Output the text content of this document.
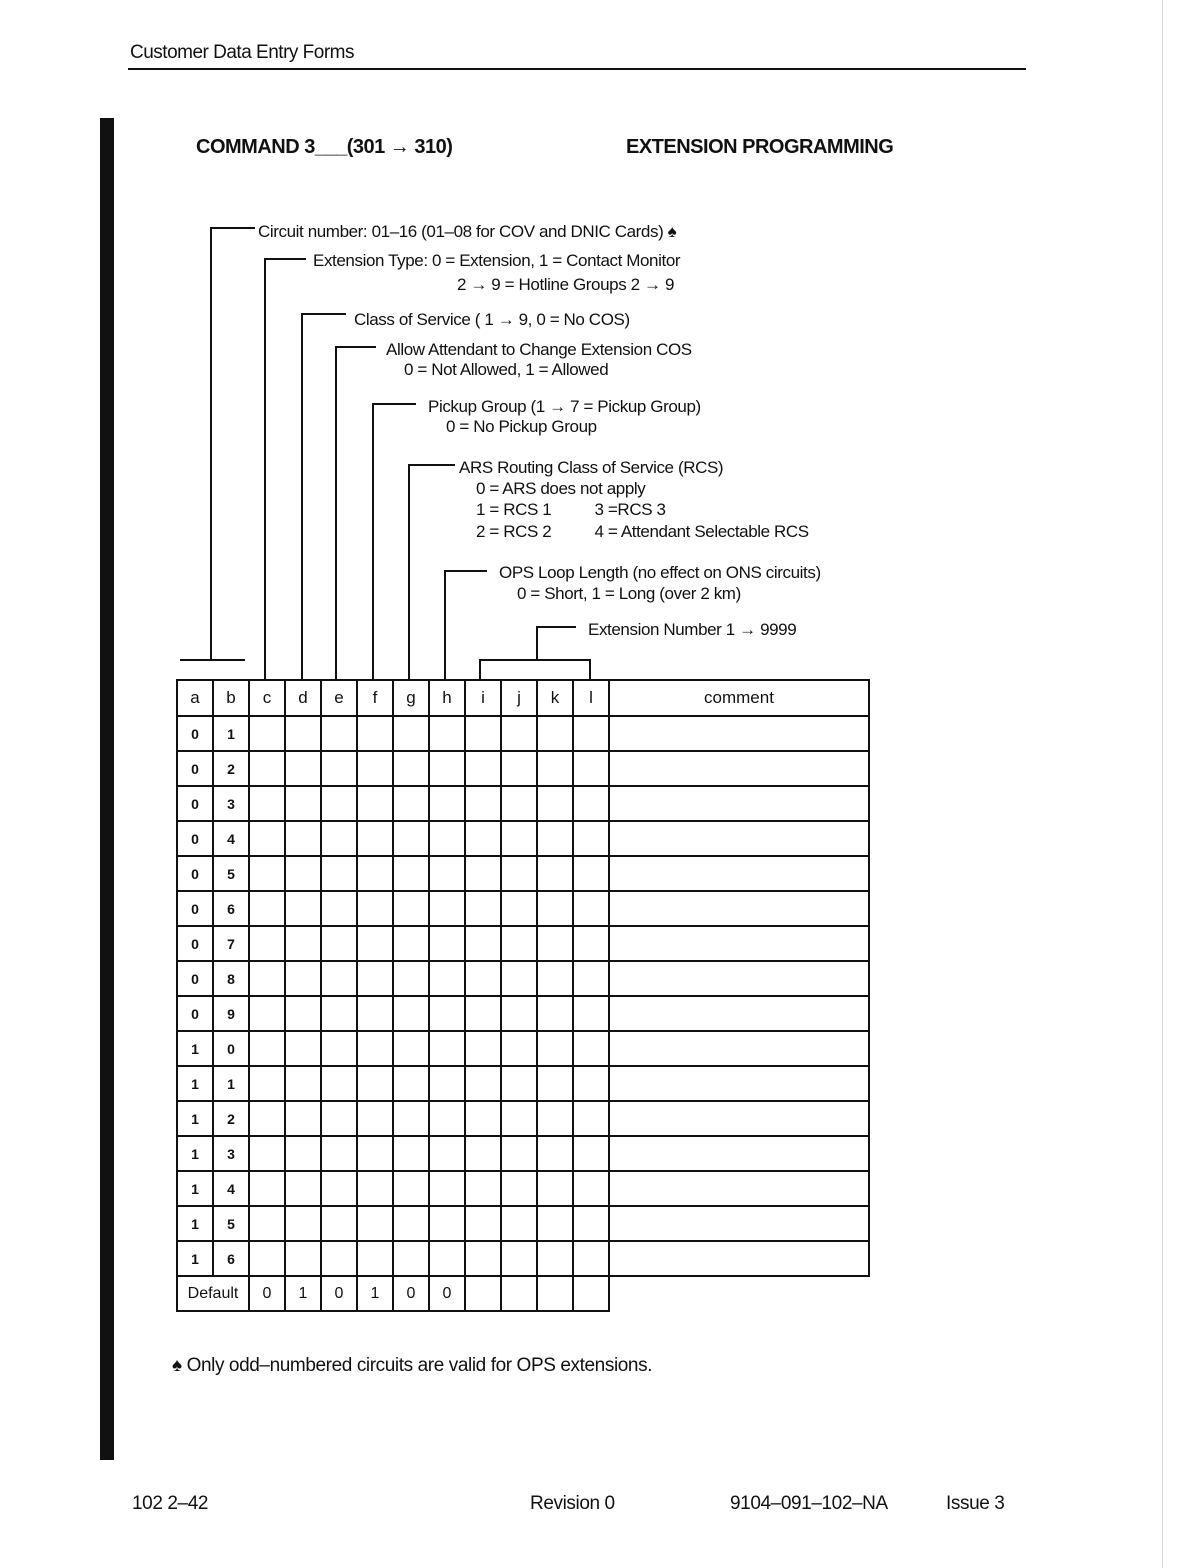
Customer Data Entry Forms
COMMAND 3___(301 → 310)	EXTENSION PROGRAMMING
Circuit number: 01–16 (01–08 for COV and DNIC Cards) ♠
Extension Type: 0 = Extension, 1 = Contact Monitor
2 → 9 = Hotline Groups 2 → 9
Class of Service ( 1 → 9, 0 = No COS)
Allow Attendant to Change Extension COS
0 = Not Allowed, 1 = Allowed
Pickup Group (1 → 7 = Pickup Group)
0 = No Pickup Group
ARS Routing Class of Service (RCS)
0 = ARS does not apply
1 = RCS 1          3 =RCS 3
2 = RCS 2          4 = Attendant Selectable RCS
OPS Loop Length (no effect on ONS circuits)
0 = Short, 1 = Long (over 2 km)
Extension Number 1 → 9999
a	b	c	d	e	f	g	h	i	j	k	l	comment
0	1											
0	2											
0	3											
0	4											
0	5											
0	6											
0	7											
0	8											
0	9											
1	0											
1	1											
1	2											
1	3											
1	4											
1	5											
1	6											
Default		0	1	0	1	0	0					
♠ Only odd–numbered circuits are valid for OPS extensions.
102 2–42	Revision 0	9104–091–102–NA	Issue 3
